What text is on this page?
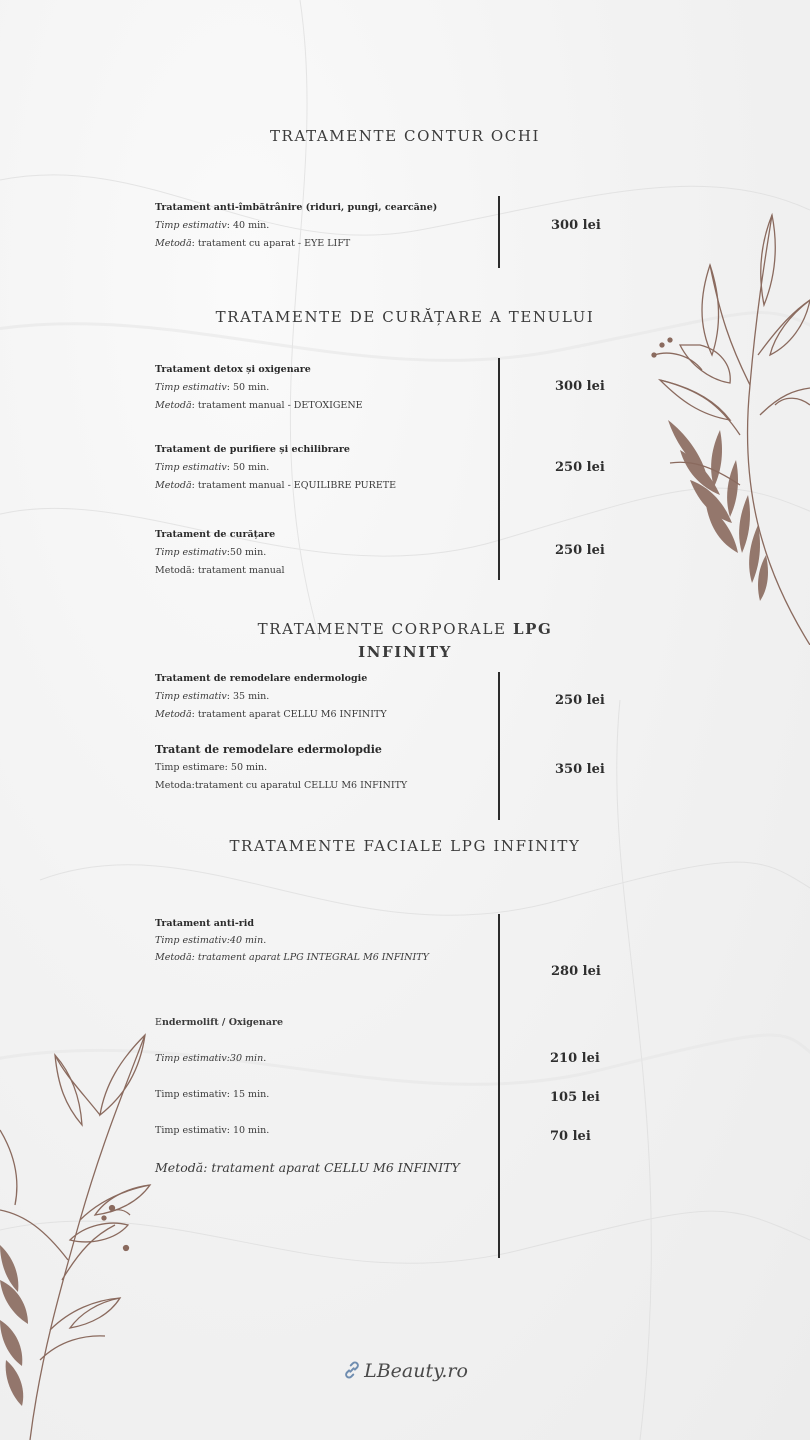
TRATAMENTE CONTUR OCHI
Tratament anti-îmbătrânire (riduri, pungi, cearcăne)
Timp estimativ: 40 min.
Metodă: tratament cu aparat - EYE LIFT
300 lei
TRATAMENTE DE CURĂȚARE A TENULUI
Tratament detox și oxigenare
Timp estimativ: 50 min.
Metodă: tratament manual - DETOXIGENE
300 lei
Tratament de purifiere și echilibrare
Timp estimativ: 50 min.
Metodă: tratament manual - EQUILIBRE PURETE
250 lei
Tratament de curățare
Timp estimativ:50 min.
Metodă: tratament manual
250 lei
TRATAMENTE CORPORALE LPG
INFINITY
Tratament de remodelare endermologie
Timp estimativ: 35 min.
Metodă: tratament aparat CELLU M6 INFINITY
250 lei
Tratant de remodelare edermolopdie
Timp estimare: 50 min.
Metoda:tratament cu aparatul CELLU M6 INFINITY
350 lei
TRATAMENTE FACIALE LPG INFINITY
Tratament anti-rid
Timp estimativ:40 min.
Metodă: tratament aparat LPG INTEGRAL M6 INFINITY
280 lei
Endermolift / Oxigenare
Timp estimativ:30 min.	210 lei
Timp estimativ: 15 min.	105 lei
Timp estimativ: 10 min.	70 lei
Metodă: tratament aparat CELLU M6 INFINITY
LBeauty.ro
